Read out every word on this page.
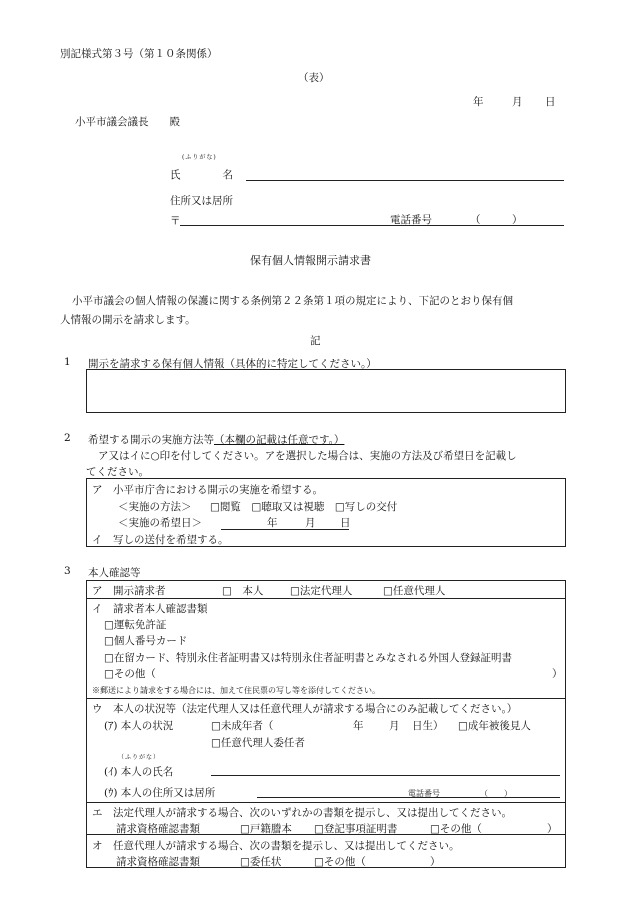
別記様式第３号（第１０条関係）
（表）
年	月 日
小平市議会議長　　殿
(ふりがな)
氏　　　　名
住所又は居所
〒	電話番号	（　　　）
保有個人情報開示請求書
小平市議会の個人情報の保護に関する条例第２２条第１項の規定により、下記のとおり保有個
人情報の開示を請求します。
記
1 開示を請求する保有個人情報（具体的に特定してください。）
2 希望する開示の実施方法等（本欄の記載は任意です。）
ア又はイに○印を付してください。アを選択した場合は、実施の方法及び希望日を記載し
てください。
ア　小平市庁舎における開示の実施を希望する。
＜実施の方法＞ □閲覧　□聴取又は視聴　□写しの交付
＜実施の希望日＞	年	月 日
イ　写しの送付を希望する。
3 本人確認等
ア　開示請求者	□　本人	□法定代理人	□任意代理人
イ　請求者本人確認書類
□運転免許証
□個人番号カード
□在留カード、特別永住者証明書又は特別永住者証明書とみなされる外国人登録証明書
□その他（	）
※郵送により請求をする場合には、加えて住民票の写し等を添付してください。
ウ　本人の状況等（法定代理人又は任意代理人が請求する場合にのみ記載してください。）
(ｱ) 本人の状況	□未成年者（	年 月 日生） □成年被後見人
□任意代理人委任者
（ふりがな）
(ｲ) 本人の氏名
(ｳ) 本人の住所又は居所	電話番号	（　　）
エ　法定代理人が請求する場合、次のいずれかの書類を提示し、又は提出してください。
請求資格確認書類	□戸籍謄本 □登記事項証明書	□その他（	）
オ　任意代理人が請求する場合、次の書類を提示し、又は提出してください。
請求資格確認書類	□委任状	□その他（	）
